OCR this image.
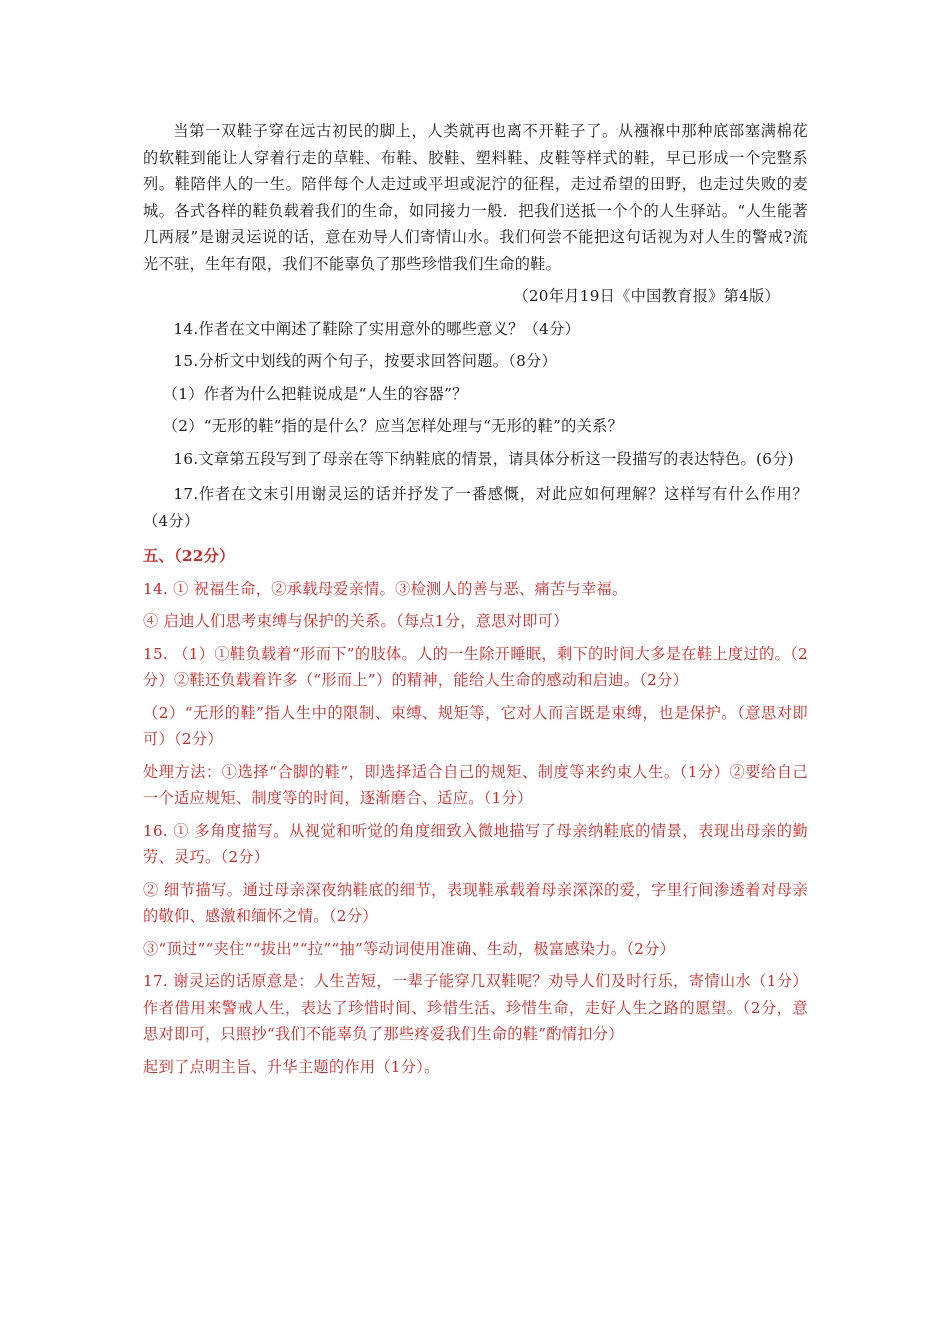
当第一双鞋子穿在远古初民的脚上，人类就再也离不开鞋子了。从襁褓中那种底部塞满棉花的软鞋到能让人穿着行走的草鞋、布鞋、胶鞋、塑料鞋、皮鞋等样式的鞋，早已形成一个完整系列。鞋陪伴人的一生。陪伴每个人走过或平坦或泥泞的征程，走过希望的田野，也走过失败的麦城。各式各样的鞋负载着我们的生命，如同接力一般．把我们送抵一个个的人生驿站。“人生能著几两屐”是谢灵运说的话，意在劝导人们寄情山水。我们何尝不能把这句话视为对人生的警戒?流光不驻，生年有限，我们不能辜负了那些珍惜我们生命的鞋。

（20年月19日《中国教育报》第4版）

14.作者在文中阐述了鞋除了实用意外的哪些意义？（4分）

15.分析文中划线的两个句子，按要求回答问题。（8分）

（1）作者为什么把鞋说成是“人生的容器”？

（2）“无形的鞋”指的是什么？应当怎样处理与“无形的鞋”的关系？

16.文章第五段写到了母亲在等下纳鞋底的情景，请具体分析这一段描写的表达特色。(6分)

17.作者在文末引用谢灵运的话并抒发了一番感慨，对此应如何理解？这样写有什么作用？（4分）

五、（22分）

14. ① 祝福生命，②承载母爱亲情。③检测人的善与恶、痛苦与幸福。

④ 启迪人们思考束缚与保护的关系。（每点1分，意思对即可）

15. （1）①鞋负载着“形而下”的肢体。人的一生除开睡眠，剩下的时间大多是在鞋上度过的。（2分）②鞋还负载着许多（“形而上”）的精神，能给人生命的感动和启迪。（2分）

（2）“无形的鞋”指人生中的限制、束缚、规矩等，它对人而言既是束缚，也是保护。（意思对即可）（2分）

处理方法：①选择“合脚的鞋”，即选择适合自己的规矩、制度等来约束人生。（1分）②要给自己一个适应规矩、制度等的时间，逐渐磨合、适应。（1分）

16. ① 多角度描写。从视觉和听觉的角度细致入微地描写了母亲纳鞋底的情景，表现出母亲的勤劳、灵巧。（2分）

② 细节描写。通过母亲深夜纳鞋底的细节，表现鞋承载着母亲深深的爱，字里行间渗透着对母亲的敬仰、感激和缅怀之情。（2分）

③“顶过”“夹住”“拔出”“拉”“抽”等动词使用准确、生动，极富感染力。（2分）

17. 谢灵运的话原意是：人生苦短，一辈子能穿几双鞋呢？劝导人们及时行乐，寄情山水（1分）作者借用来警戒人生，表达了珍惜时间、珍惜生活、珍惜生命，走好人生之路的愿望。（2分，意思对即可，只照抄“我们不能辜负了那些疼爱我们生命的鞋”酌情扣分）

起到了点明主旨、升华主题的作用（1分）。
